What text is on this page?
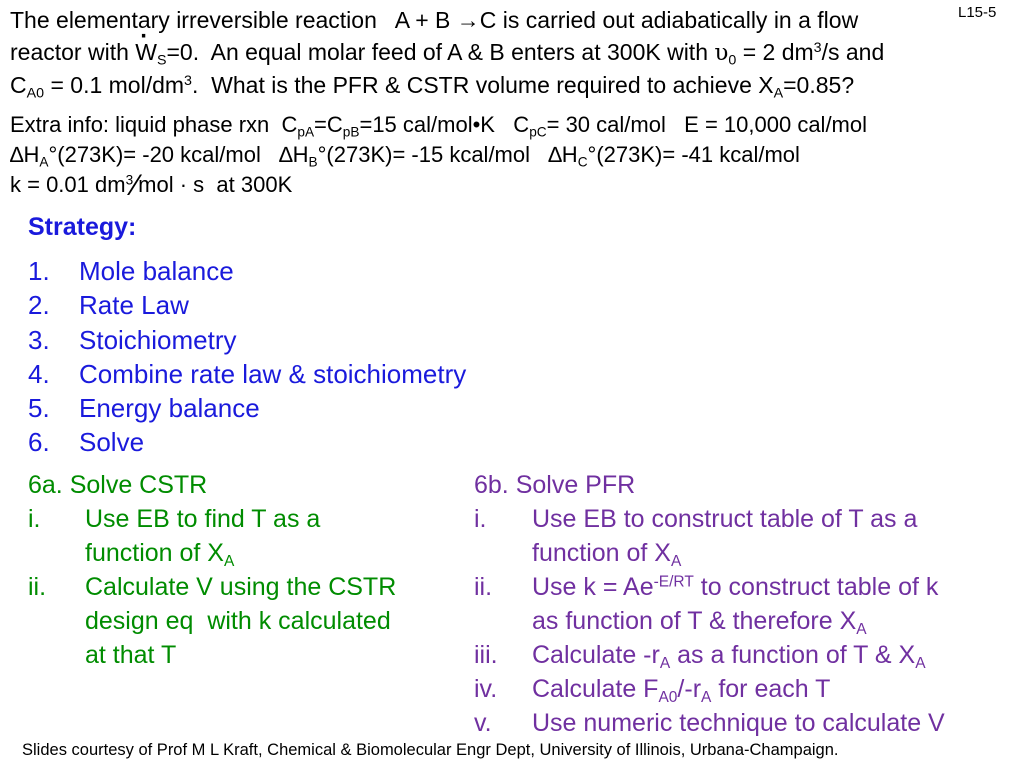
L15-5
The elementary irreversible reaction   A + B →C is carried out adiabatically in a flow
reactor with $W \cdot_S=0$.  An equal molar feed of A & B enters at 300K with $\upsilon_0 = 2$ $dm^3/s$ and
$C_{A0} = 0.1$ mol/$dm^3$.  What is the PFR & CSTR volume required to achieve $X_A=0.85$?
Extra info: liquid phase rxn  $C_{pA}=C_{pB}=15$ cal/mol•K   $C_{pC}= 30$ cal/mol   E = 10,000 cal/mol
$\Delta H_A^\circ(273K)= -20$ kcal/mol   $\Delta H_B^\circ(273K)= -15$ kcal/mol   $\Delta H_C^\circ(273K)= -41$ kcal/mol
k = 0.01 $dm^3⁄mol \cdot s$  at 300K
Strategy:
1. Mole balance
2. Rate Law
3. Stoichiometry
4. Combine rate law & stoichiometry
5. Energy balance
6. Solve
6a. Solve CSTR
i. Use EB to find T as a
function of $X_A$
ii. Calculate V using the CSTR
design eq  with k calculated
at that T
6b. Solve PFR
i. Use EB to construct table of T as a
function of $X_A$
ii. Use $k = Ae^{-E/RT}$ to construct table of k
as function of T & therefore $X_A$
iii. Calculate $-r_A$ as a function of T & $X_A$
iv. Calculate $F_{A0}/-r_A$ for each T
v. Use numeric technique to calculate V
Slides courtesy of Prof M L Kraft, Chemical & Biomolecular Engr Dept, University of Illinois, Urbana-Champaign.
